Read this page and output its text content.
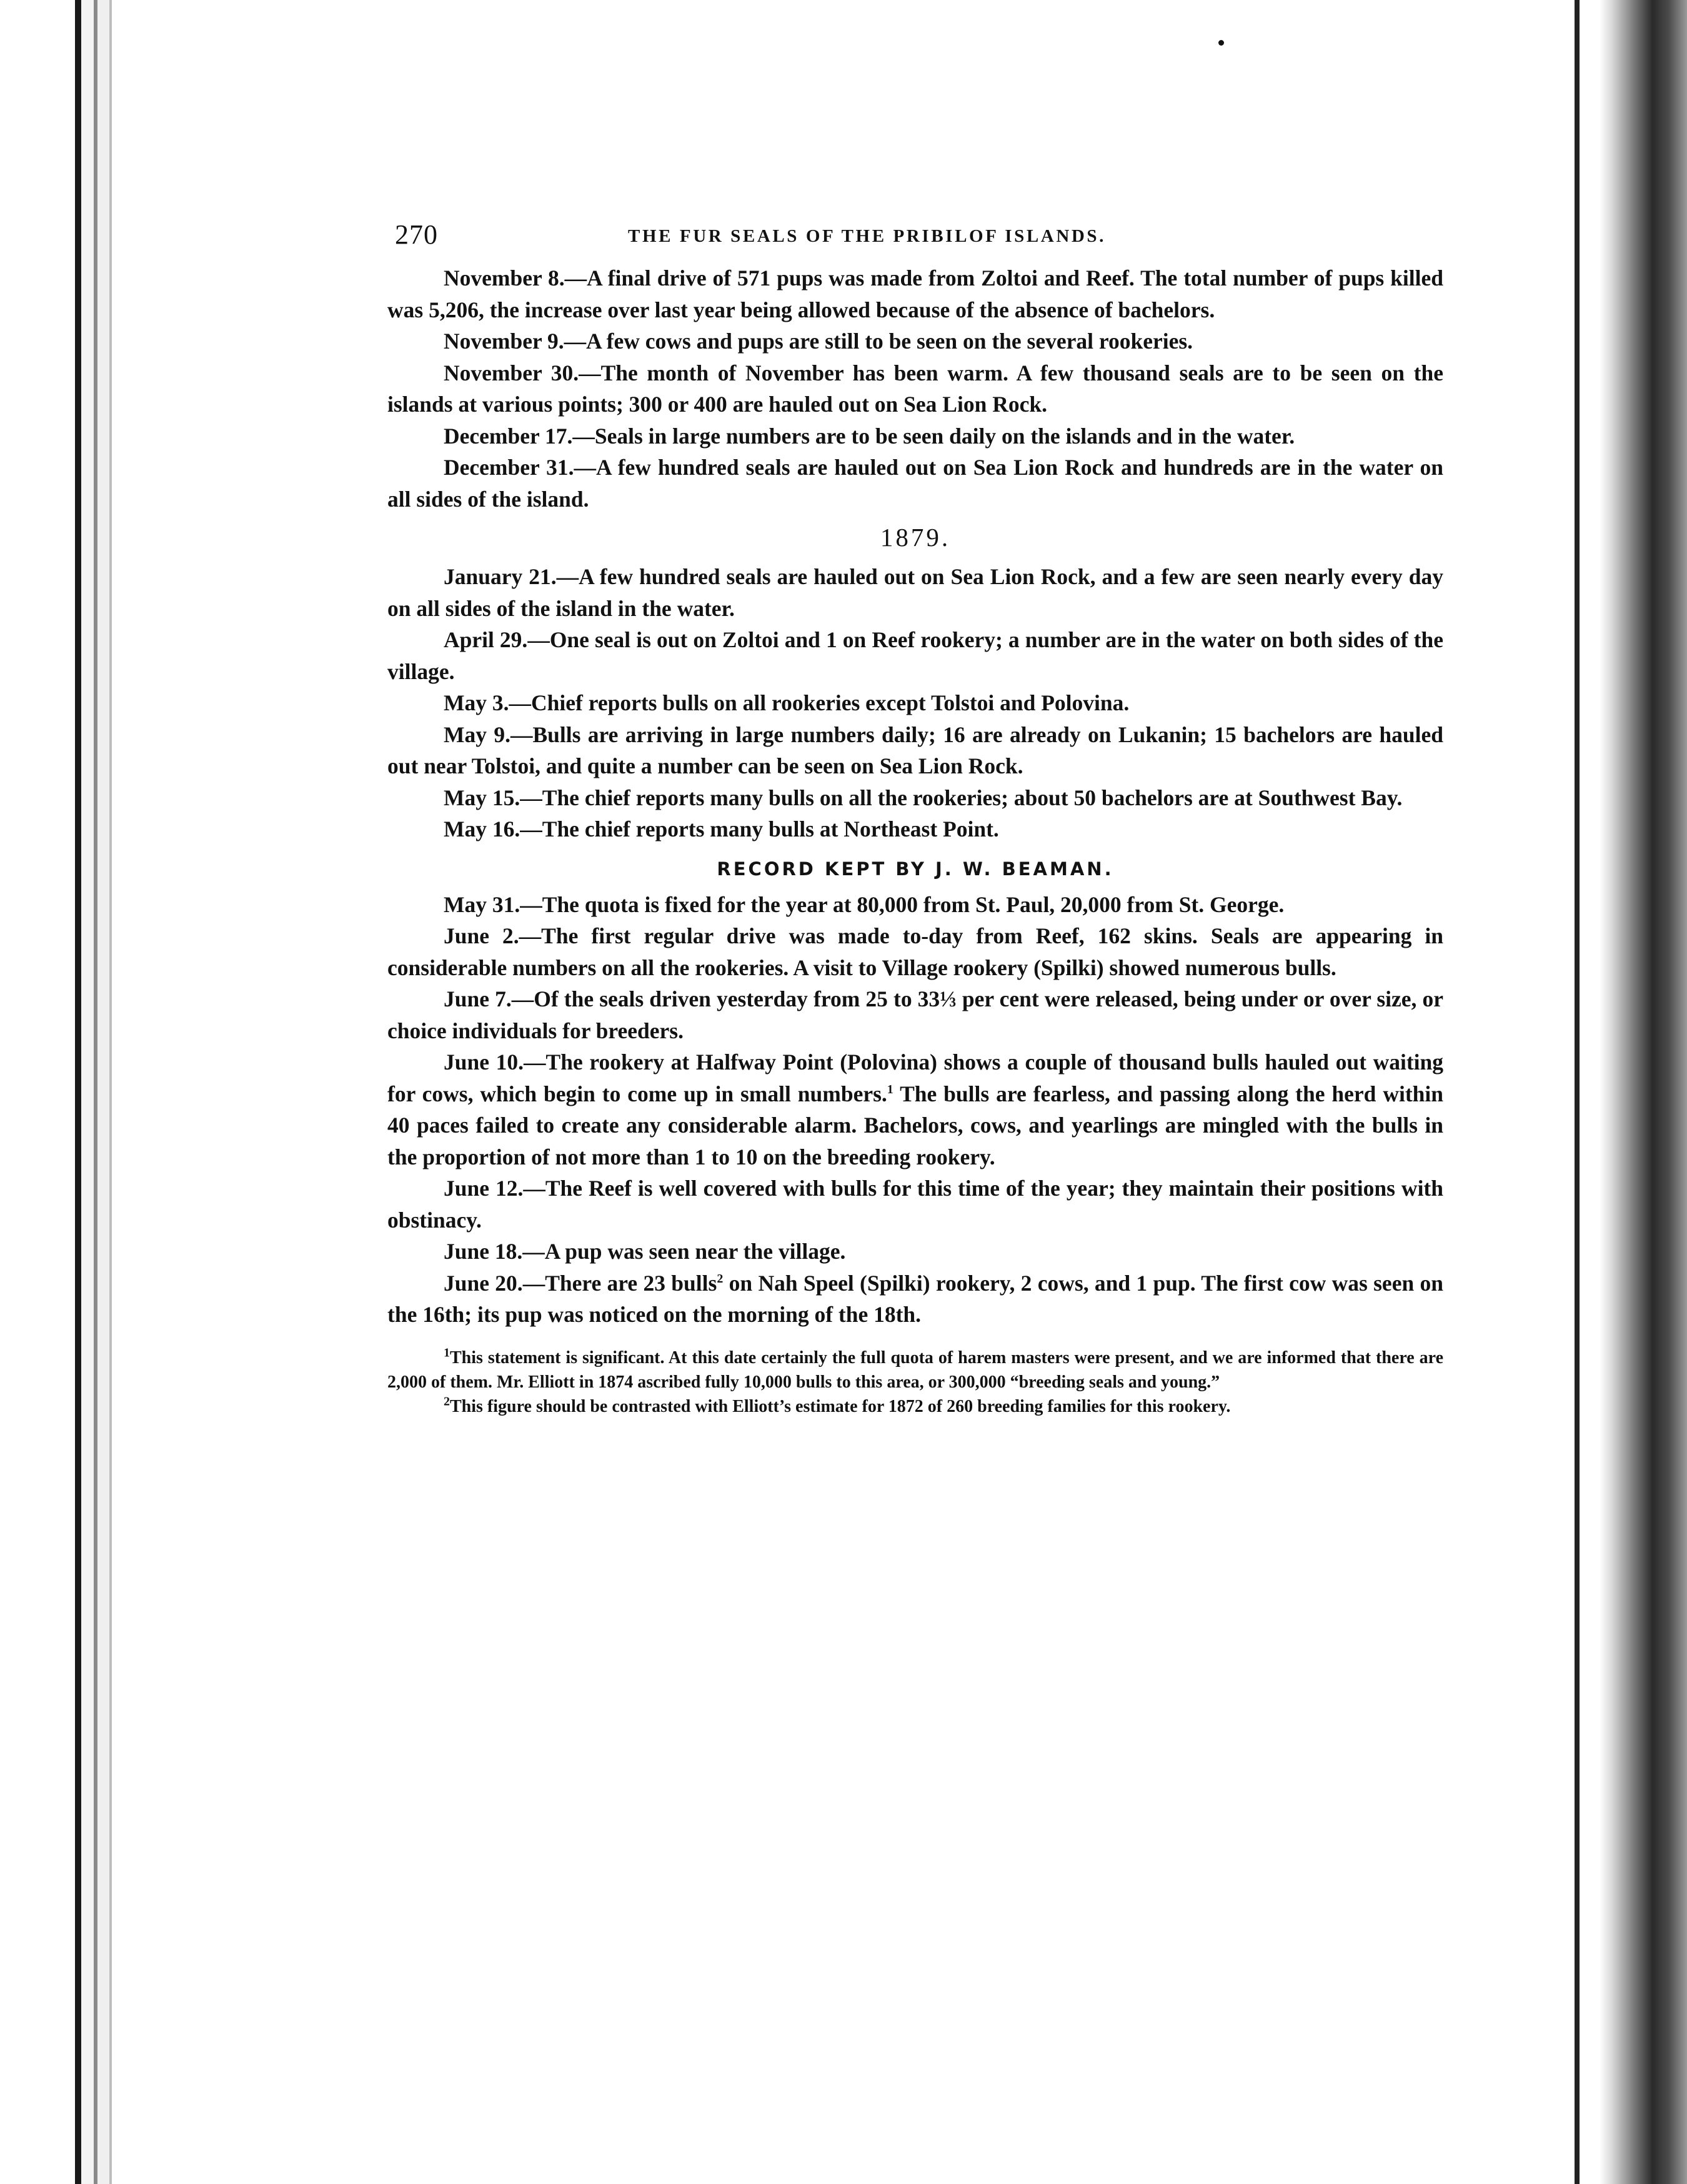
270	THE FUR SEALS OF THE PRIBILOF ISLANDS.

November 8.—A final drive of 571 pups was made from Zoltoi and Reef. The total number of pups killed was 5,206, the increase over last year being allowed because of the absence of bachelors.

November 9.—A few cows and pups are still to be seen on the several rookeries.

November 30.—The month of November has been warm. A few thousand seals are to be seen on the islands at various points; 300 or 400 are hauled out on Sea Lion Rock.

December 17.—Seals in large numbers are to be seen daily on the islands and in the water.

December 31.—A few hundred seals are hauled out on Sea Lion Rock and hundreds are in the water on all sides of the island.

1879.

January 21.—A few hundred seals are hauled out on Sea Lion Rock, and a few are seen nearly every day on all sides of the island in the water.

April 29.—One seal is out on Zoltoi and 1 on Reef rookery; a number are in the water on both sides of the village.

May 3.—Chief reports bulls on all rookeries except Tolstoi and Polovina.

May 9.—Bulls are arriving in large numbers daily; 16 are already on Lukanin; 15 bachelors are hauled out near Tolstoi, and quite a number can be seen on Sea Lion Rock.

May 15.—The chief reports many bulls on all the rookeries; about 50 bachelors are at Southwest Bay.

May 16.—The chief reports many bulls at Northeast Point.

RECORD KEPT BY J. W. BEAMAN.

May 31.—The quota is fixed for the year at 80,000 from St. Paul, 20,000 from St. George.

June 2.—The first regular drive was made to-day from Reef, 162 skins. Seals are appearing in considerable numbers on all the rookeries. A visit to Village rookery (Spilki) showed numerous bulls.

June 7.—Of the seals driven yesterday from 25 to 33⅓ per cent were released, being under or over size, or choice individuals for breeders.

June 10.—The rookery at Halfway Point (Polovina) shows a couple of thousand bulls hauled out waiting for cows, which begin to come up in small numbers.$^1$ The bulls are fearless, and passing along the herd within 40 paces failed to create any considerable alarm. Bachelors, cows, and yearlings are mingled with the bulls in the proportion of not more than 1 to 10 on the breeding rookery.

June 12.—The Reef is well covered with bulls for this time of the year; they maintain their positions with obstinacy.

June 18.—A pup was seen near the village.

June 20.—There are 23 bulls$^2$ on Nah Speel (Spilki) rookery, 2 cows, and 1 pup. The first cow was seen on the 16th; its pup was noticed on the morning of the 18th.

$^1$This statement is significant. At this date certainly the full quota of harem masters were present, and we are informed that there are 2,000 of them. Mr. Elliott in 1874 ascribed fully 10,000 bulls to this area, or 300,000 “breeding seals and young.”

$^2$This figure should be contrasted with Elliott’s estimate for 1872 of 260 breeding families for this rookery.
